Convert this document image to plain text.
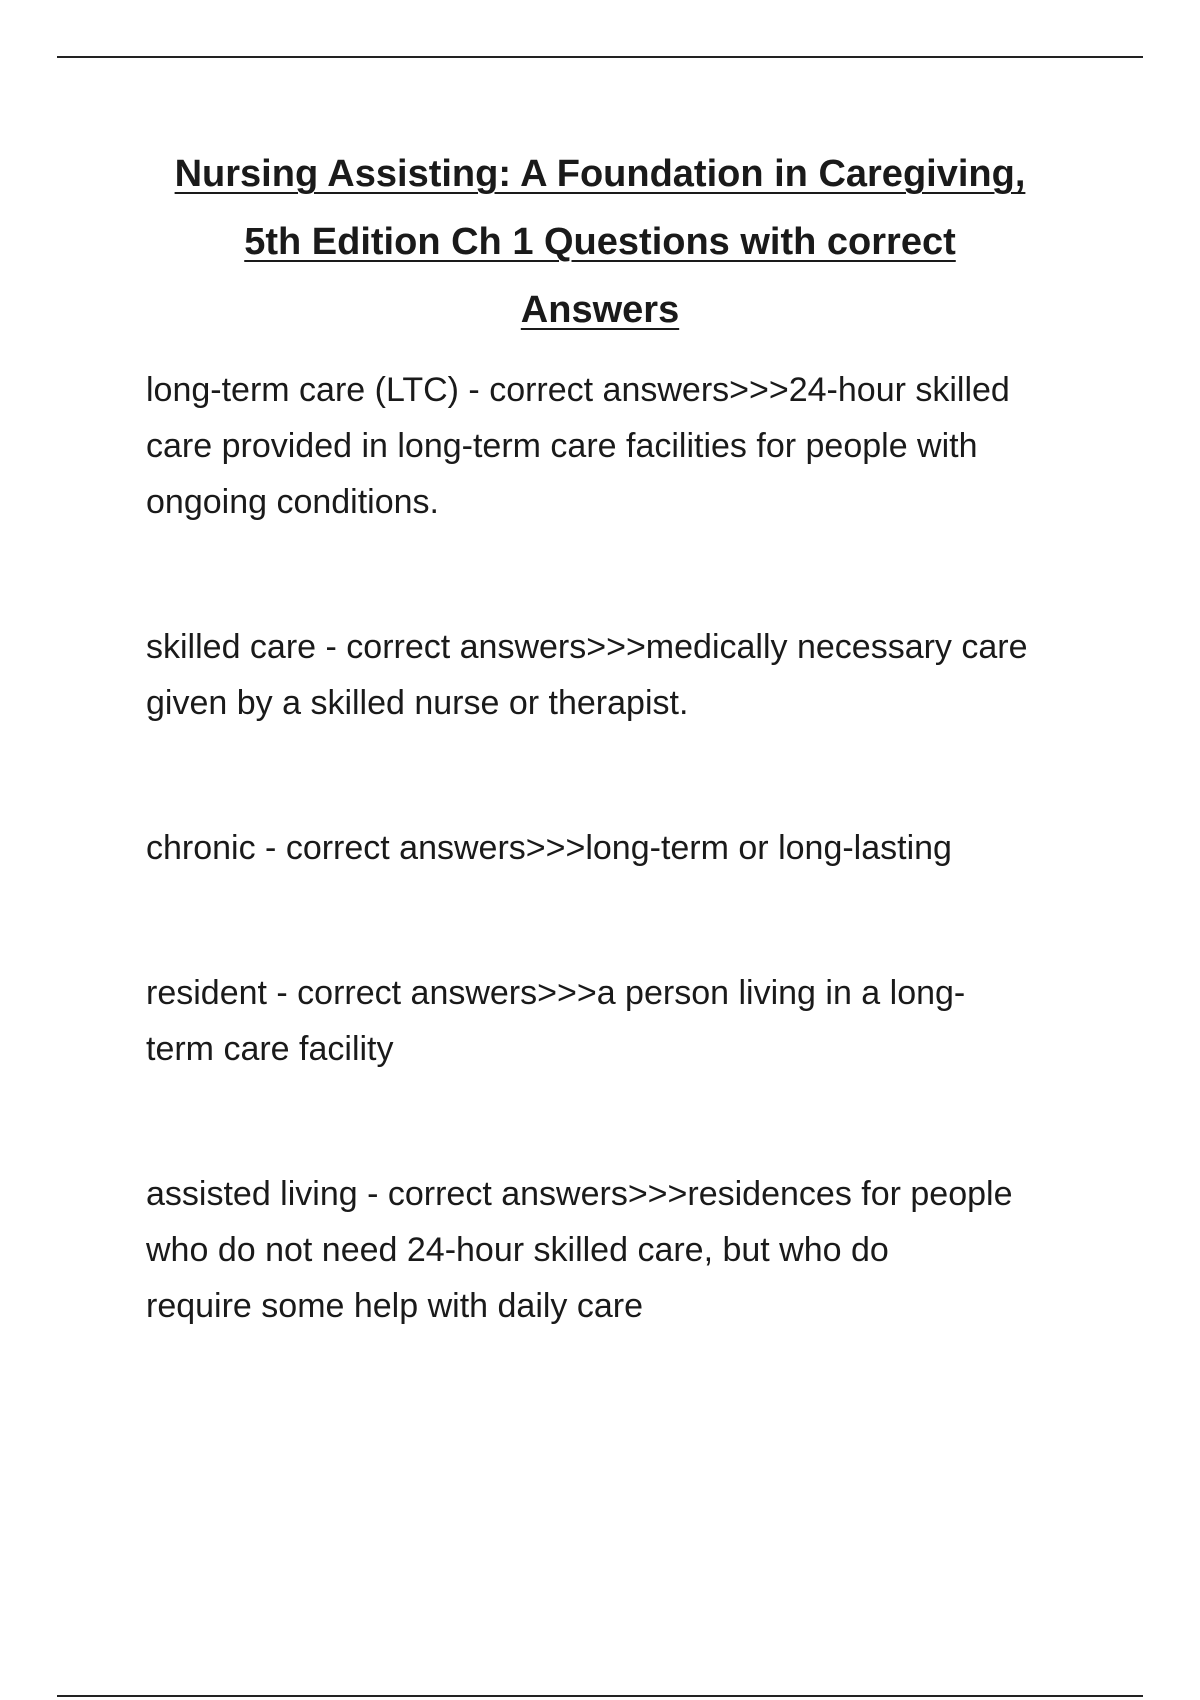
Nursing Assisting: A Foundation in Caregiving,
5th Edition Ch 1 Questions with correct
Answers
long-term care (LTC) - correct answers>>>24-hour skilled
care provided in long-term care facilities for people with
ongoing conditions.
skilled care - correct answers>>>medically necessary care
given by a skilled nurse or therapist.
chronic - correct answers>>>long-term or long-lasting
resident - correct answers>>>a person living in a long-
term care facility
assisted living - correct answers>>>residences for people
who do not need 24-hour skilled care, but who do
require some help with daily care
